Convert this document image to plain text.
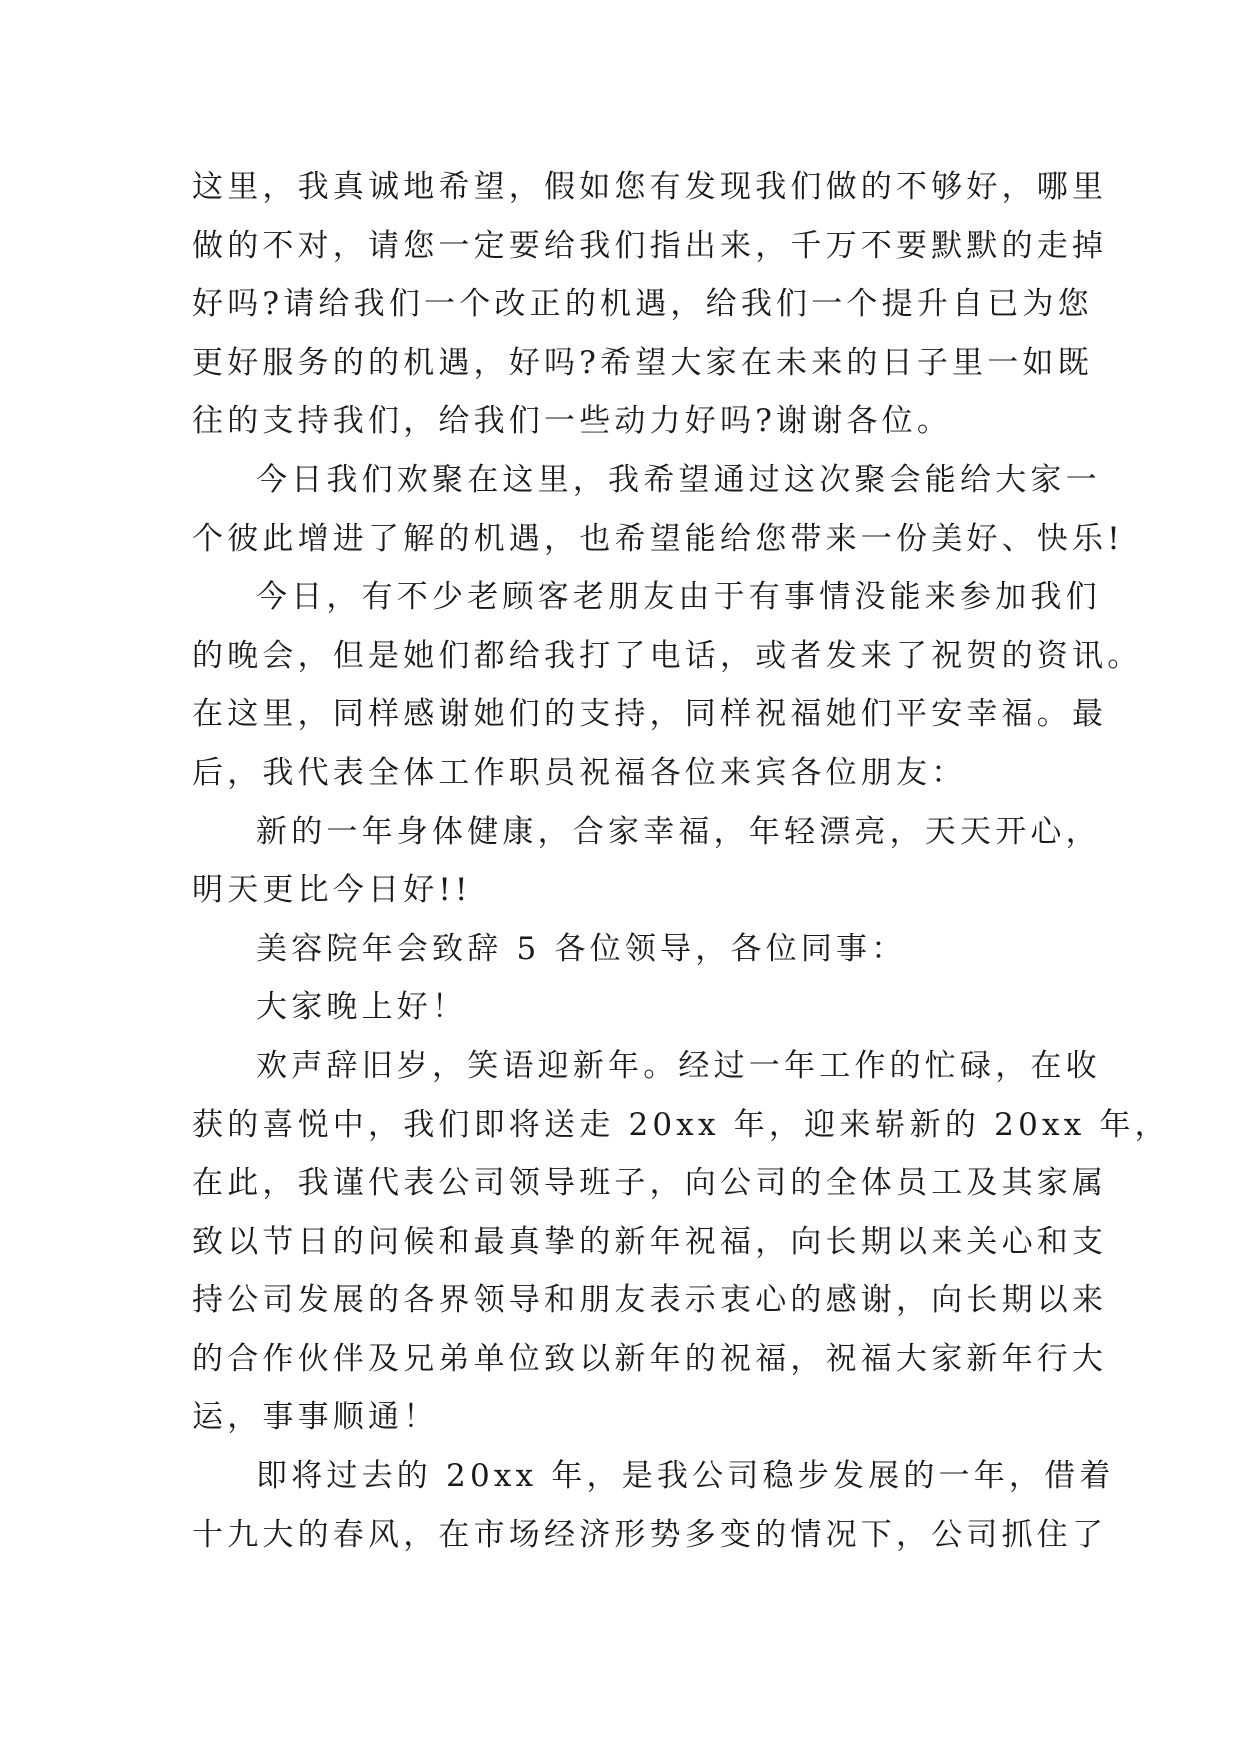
这里，我真诚地希望，假如您有发现我们做的不够好，哪里
做的不对，请您一定要给我们指出来，千万不要默默的走掉
好吗?请给我们一个改正的机遇，给我们一个提升自已为您
更好服务的的机遇，好吗?希望大家在未来的日子里一如既
往的支持我们，给我们一些动力好吗?谢谢各位。

今日我们欢聚在这里，我希望通过这次聚会能给大家一
个彼此增进了解的机遇，也希望能给您带来一份美好、快乐!

今日，有不少老顾客老朋友由于有事情没能来参加我们
的晚会，但是她们都给我打了电话，或者发来了祝贺的资讯。
在这里，同样感谢她们的支持，同样祝福她们平安幸福。最
后，我代表全体工作职员祝福各位来宾各位朋友：

新的一年身体健康，合家幸福，年轻漂亮，天天开心，
明天更比今日好!!

美容院年会致辞 5 各位领导，各位同事：

大家晚上好！

欢声辞旧岁，笑语迎新年。经过一年工作的忙碌，在收
获的喜悦中，我们即将送走 20xx 年，迎来崭新的 20xx 年，
在此，我谨代表公司领导班子，向公司的全体员工及其家属
致以节日的问候和最真挚的新年祝福，向长期以来关心和支
持公司发展的各界领导和朋友表示衷心的感谢，向长期以来
的合作伙伴及兄弟单位致以新年的祝福，祝福大家新年行大
运，事事顺通！

即将过去的 20xx 年，是我公司稳步发展的一年，借着
十九大的春风，在市场经济形势多变的情况下，公司抓住了
